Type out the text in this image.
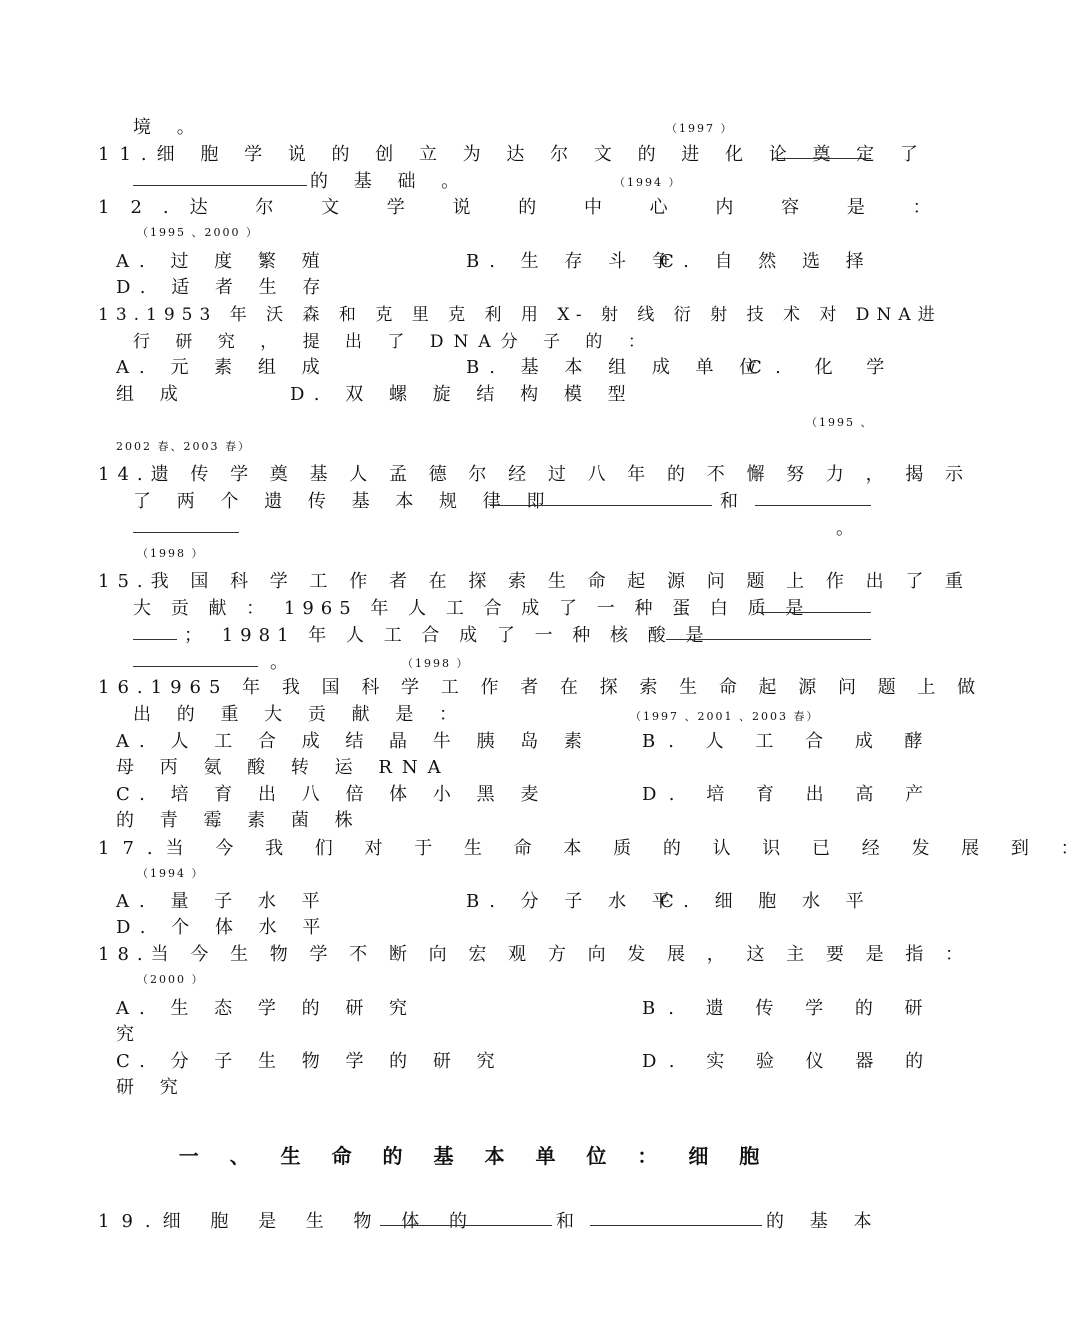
境 。	（1997 ）
11.细 胞 学 说 的 创 立 为 达 尔 文 的 进 化 论 奠 定 了
的 基 础 。	（1994 ）
12.达 尔 文 学 说 的 中 心 内 容 是 ：
（1995 、2000 ）
A. 过 度 繁 殖	B. 生 存 斗 争
C. 自 然 选 择
D. 适 者 生 存
13.1953 年 沃 森 和 克 里 克 利 用 X- 射 线 衍 射 技 术 对 DNA进
行 研 究 ， 提 出 了 DNA分 子 的 ：
A. 元 素 组 成	B. 基 本 组 成 单 位
C. 化 学
组 成	D. 双 螺 旋 结 构 模 型
（1995 、
2002 春、2003 春）
14.遗 传 学 奠 基 人 孟 德 尔 经 过 八 年 的 不 懈 努 力 ， 揭 示
了 两 个 遗 传 基 本 规 律 即	和
。
（1998 ）
15.我 国 科 学 工 作 者 在 探 索 生 命 起 源 问 题 上 作 出 了 重
大 贡 献 ： 1965 年 人 工 合 成 了 一 种 蛋 白 质 是
； 1981 年 人 工 合 成 了 一 种 核 酸 是
。	（1998 ）
16.1965 年 我 国 科 学 工 作 者 在 探 索 生 命 起 源 问 题 上 做
出 的 重 大 贡 献 是 ：	（1997 、2001 、2003 春）
A. 人 工 合 成 结 晶 牛 胰 岛 素	B. 人 工 合 成 酵
母 丙 氨 酸 转 运 RNA
C. 培 育 出 八 倍 体 小 黑 麦	D. 培 育 出 高 产
的 青 霉 素 菌 株
17.当 今 我 们 对 于 生 命 本 质 的 认 识 已 经 发 展 到 ：
（1994 ）
A. 量 子 水 平	B. 分 子 水 平
C. 细 胞 水 平
D. 个 体 水 平
18.当 今 生 物 学 不 断 向 宏 观 方 向 发 展 ， 这 主 要 是 指 ：
（2000 ）
A. 生 态 学 的 研 究	B. 遗 传 学 的 研
究
C. 分 子 生 物 学 的 研 究	D. 实 验 仪 器 的
研 究
一 、 生 命 的 基 本 单 位 ： 细 胞
19.细 胞 是 生 物 体 的	和	的 基 本
